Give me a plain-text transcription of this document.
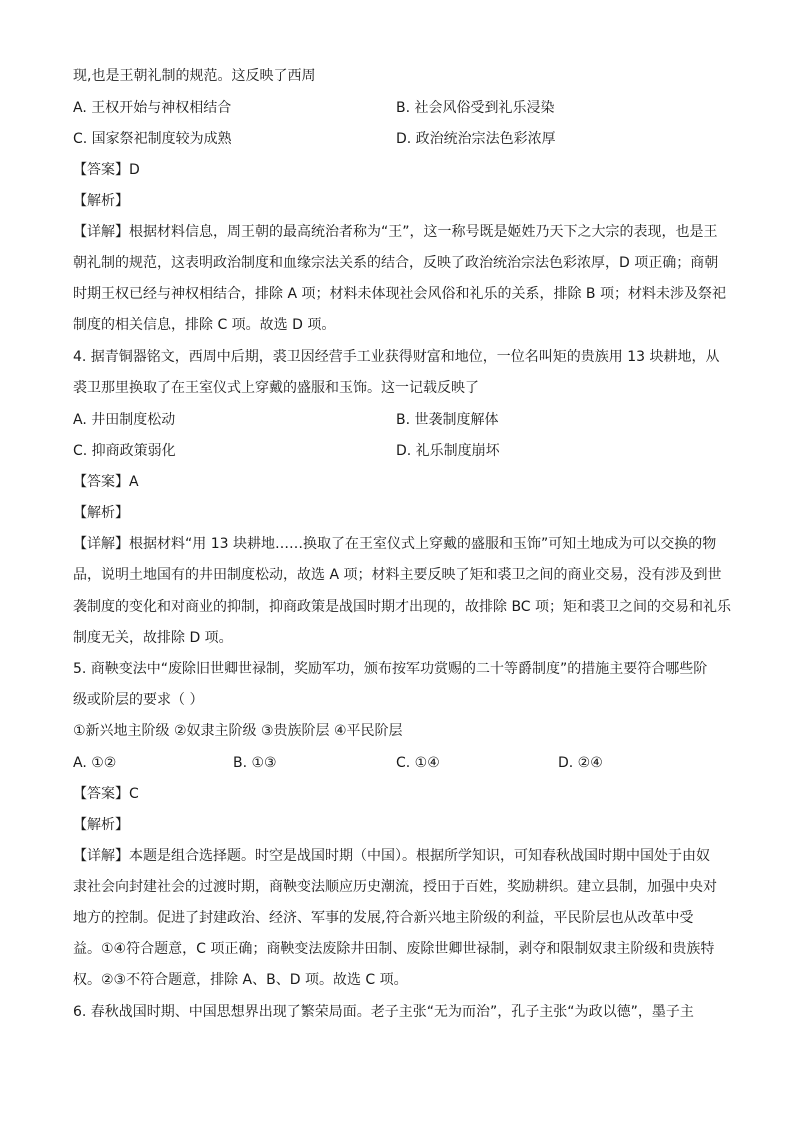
现,也是王朝礼制的规范。这反映了西周
A. 王权开始与神权相结合	B. 社会风俗受到礼乐浸染
C. 国家祭祀制度较为成熟	D. 政治统治宗法色彩浓厚
【答案】D
【解析】
【详解】根据材料信息，周王朝的最高统治者称为“王”，这一称号既是姬姓乃天下之大宗的表现，也是王
朝礼制的规范，这表明政治制度和血缘宗法关系的结合，反映了政治统治宗法色彩浓厚，D 项正确；商朝
时期王权已经与神权相结合，排除 A 项；材料未体现社会风俗和礼乐的关系，排除 B 项；材料未涉及祭祀
制度的相关信息，排除 C 项。故选 D 项。
4. 据青铜器铭文，西周中后期，裘卫因经营手工业获得财富和地位，一位名叫矩的贵族用 13 块耕地，从
裘卫那里换取了在王室仪式上穿戴的盛服和玉饰。这一记载反映了
A. 井田制度松动	B. 世袭制度解体
C. 抑商政策弱化	D. 礼乐制度崩坏
【答案】A
【解析】
【详解】根据材料“用 13 块耕地……换取了在王室仪式上穿戴的盛服和玉饰”可知土地成为可以交换的物
品，说明土地国有的井田制度松动，故选 A 项；材料主要反映了矩和裘卫之间的商业交易，没有涉及到世
袭制度的变化和对商业的抑制，抑商政策是战国时期才出现的，故排除 BC 项；矩和裘卫之间的交易和礼乐
制度无关，故排除 D 项。
5. 商鞅变法中“废除旧世卿世禄制，奖励军功，颁布按军功赏赐的二十等爵制度”的措施主要符合哪些阶
级或阶层的要求（ ）
①新兴地主阶级 ②奴隶主阶级 ③贵族阶层 ④平民阶层
A. ①②	B. ①③	C. ①④	D. ②④
【答案】C
【解析】
【详解】本题是组合选择题。时空是战国时期（中国）。根据所学知识，可知春秋战国时期中国处于由奴
隶社会向封建社会的过渡时期，商鞅变法顺应历史潮流，授田于百姓，奖励耕织。建立县制，加强中央对
地方的控制。促进了封建政治、经济、军事的发展,符合新兴地主阶级的利益，平民阶层也从改革中受
益。①④符合题意，C 项正确；商鞅变法废除井田制、废除世卿世禄制，剥夺和限制奴隶主阶级和贵族特
权。②③不符合题意，排除 A、B、D 项。故选 C 项。
6. 春秋战国时期、中国思想界出现了繁荣局面。老子主张“无为而治”，孔子主张“为政以德”，墨子主
